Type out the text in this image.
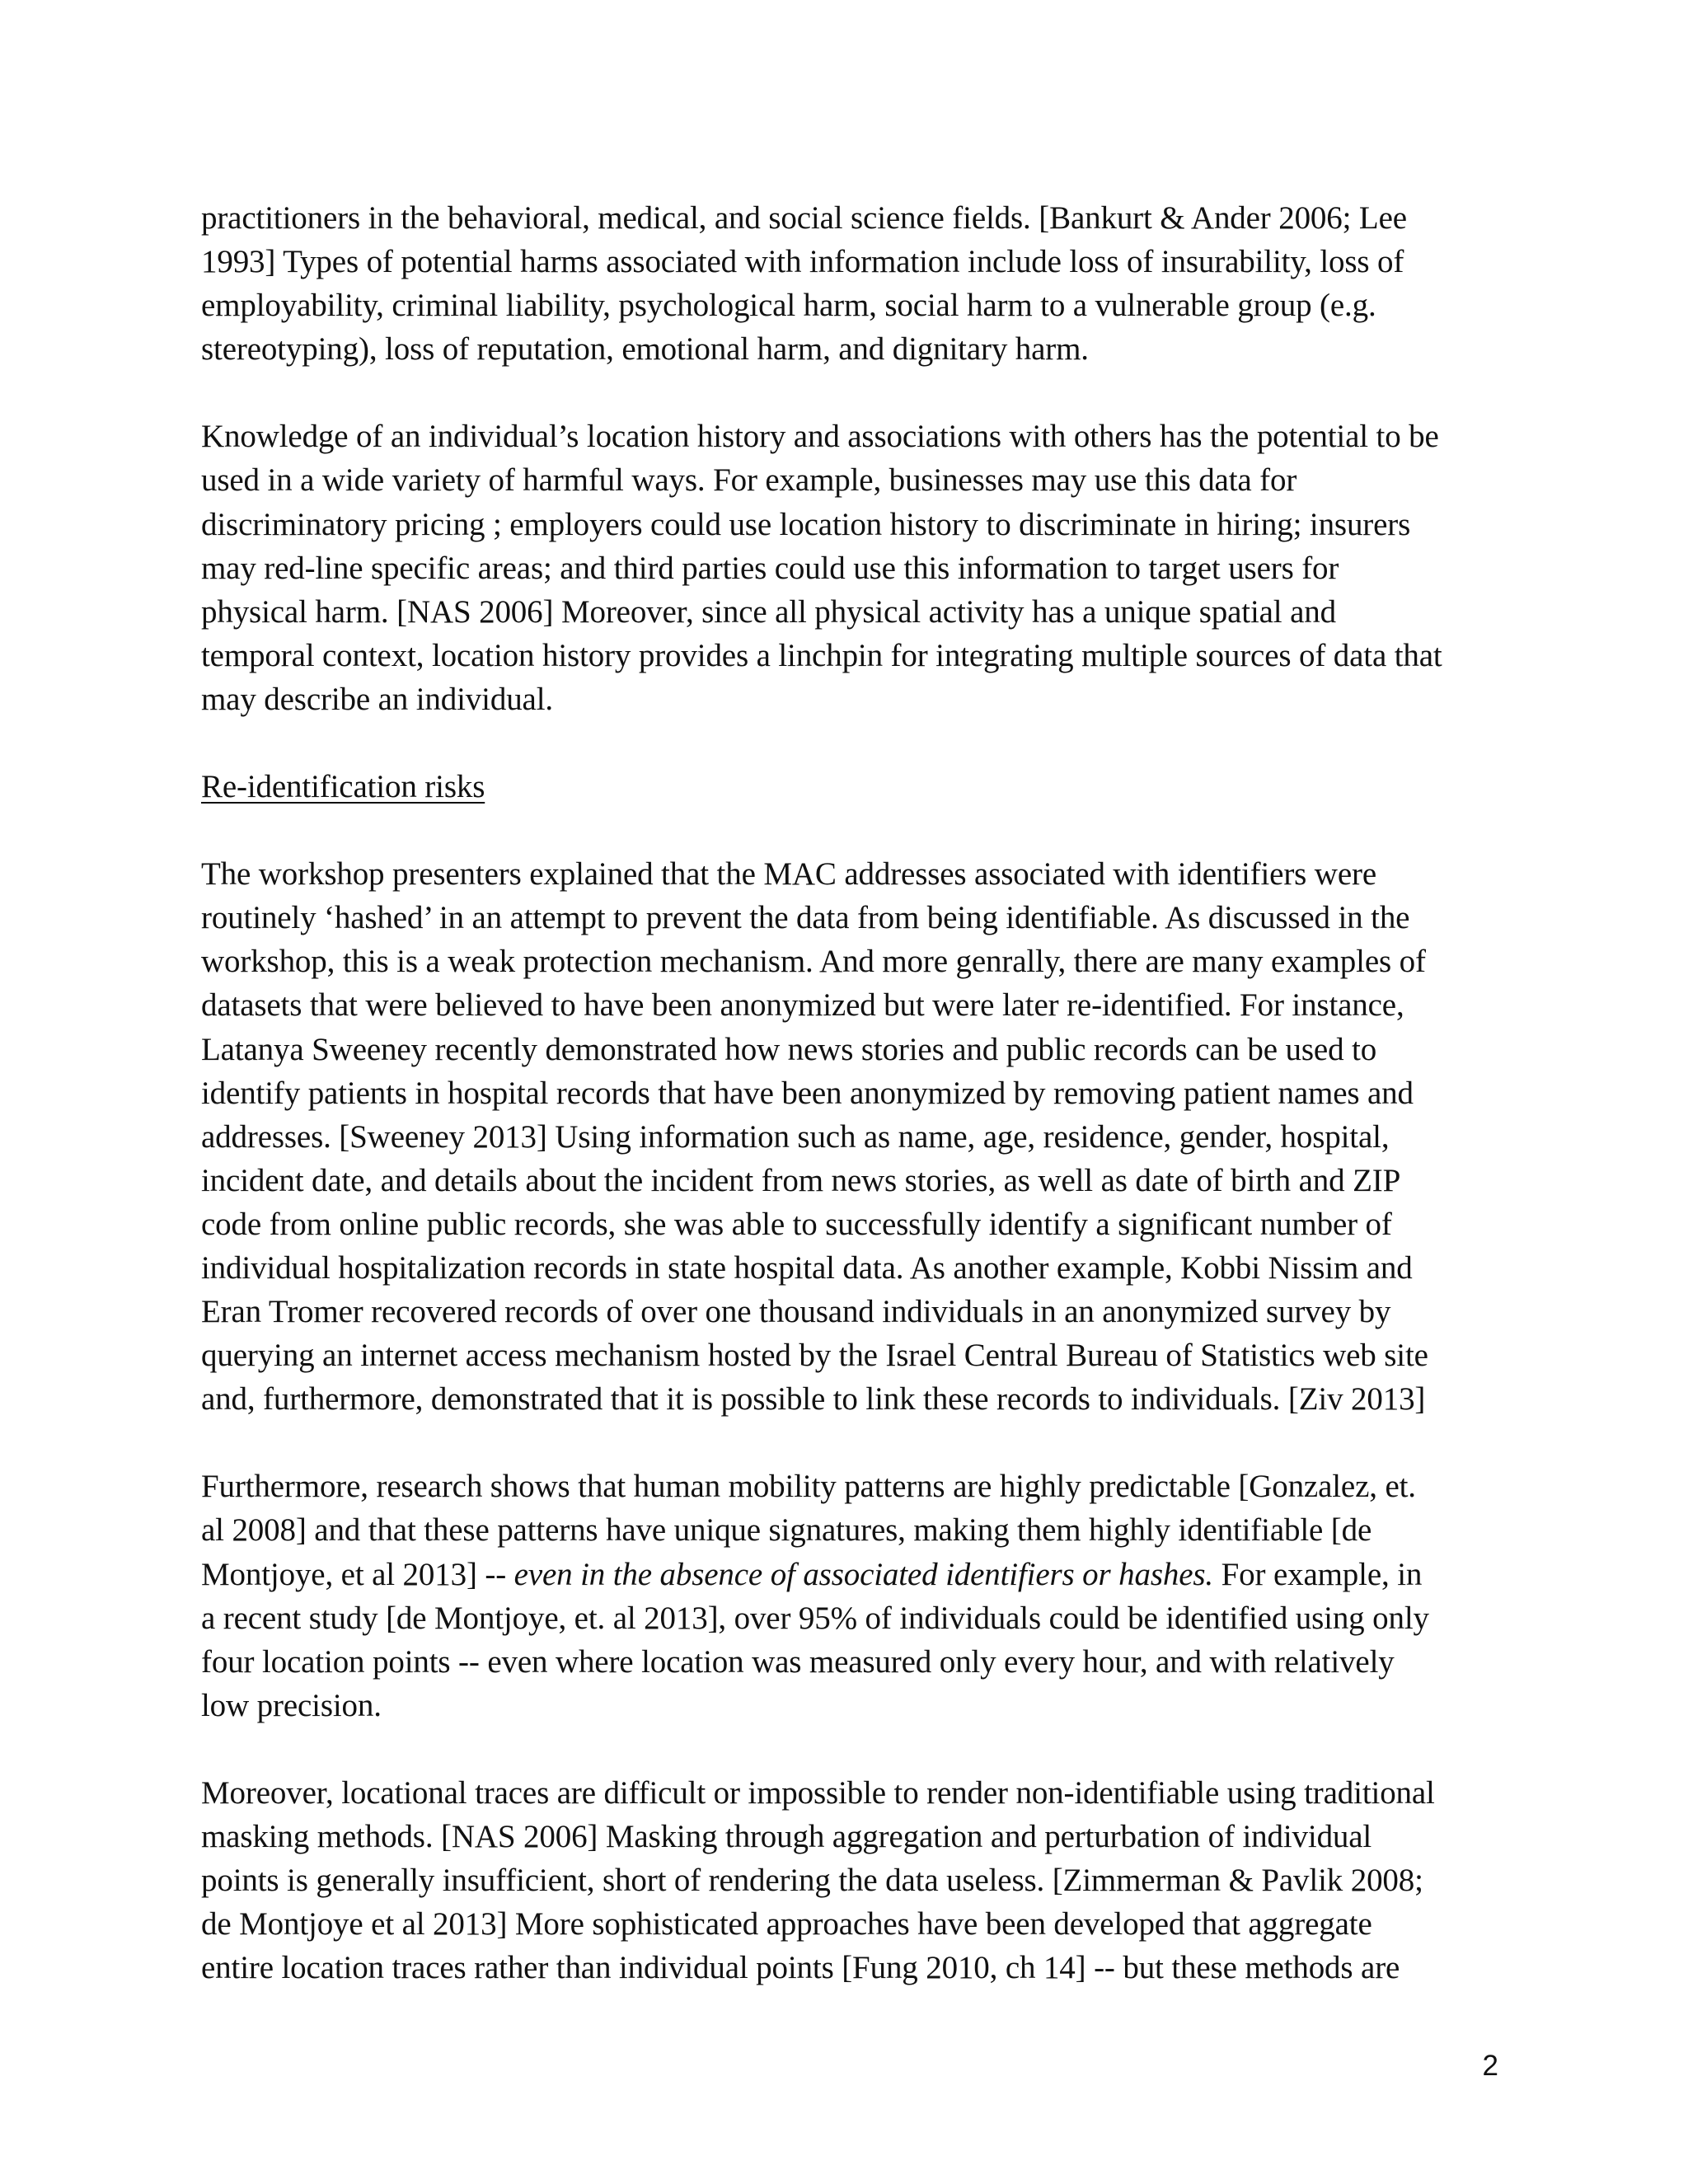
practitioners in the behavioral, medical, and social science fields. [Bankurt & Ander 2006; Lee
1993] Types of potential harms associated with information include loss of insurability, loss of
employability, criminal liability, psychological harm, social harm to a vulnerable group (e.g.
stereotyping), loss of reputation, emotional harm, and dignitary harm.

Knowledge of an individual’s location history and associations with others has the potential to be
used in a wide variety of harmful ways. For example, businesses may use this data for
discriminatory pricing ; employers could use location history to discriminate in hiring; insurers
may red-line specific areas; and third parties could use this information to target users for
physical harm. [NAS 2006] Moreover, since all physical activity has a unique spatial and
temporal context, location history provides a linchpin for integrating multiple sources of data that
may describe an individual.

Re-identification risks

The workshop presenters explained that the MAC addresses associated with identifiers were
routinely ‘hashed’ in an attempt to prevent the data from being identifiable. As discussed in the
workshop, this is a weak protection mechanism. And more genrally, there are many examples of
datasets that were believed to have been anonymized but were later re-identified. For instance,
Latanya Sweeney recently demonstrated how news stories and public records can be used to
identify patients in hospital records that have been anonymized by removing patient names and
addresses. [Sweeney 2013] Using information such as name, age, residence, gender, hospital,
incident date, and details about the incident from news stories, as well as date of birth and ZIP
code from online public records, she was able to successfully identify a significant number of
individual hospitalization records in state hospital data. As another example, Kobbi Nissim and
Eran Tromer recovered records of over one thousand individuals in an anonymized survey by
querying an internet access mechanism hosted by the Israel Central Bureau of Statistics web site
and, furthermore, demonstrated that it is possible to link these records to individuals. [Ziv 2013]

Furthermore, research shows that human mobility patterns are highly predictable [Gonzalez, et.
al 2008] and that these patterns have unique signatures, making them highly identifiable [de
Montjoye, et al 2013] -- even in the absence of associated identifiers or hashes. For example, in
a recent study [de Montjoye, et. al 2013], over 95% of individuals could be identified using only
four location points -- even where location was measured only every hour, and with relatively
low precision.

Moreover, locational traces are difficult or impossible to render non-identifiable using traditional
masking methods. [NAS 2006] Masking through aggregation and perturbation of individual
points is generally insufficient, short of rendering the data useless. [Zimmerman & Pavlik 2008;
de Montjoye et al 2013] More sophisticated approaches have been developed that aggregate
entire location traces rather than individual points [Fung 2010, ch 14] -- but these methods are

2
